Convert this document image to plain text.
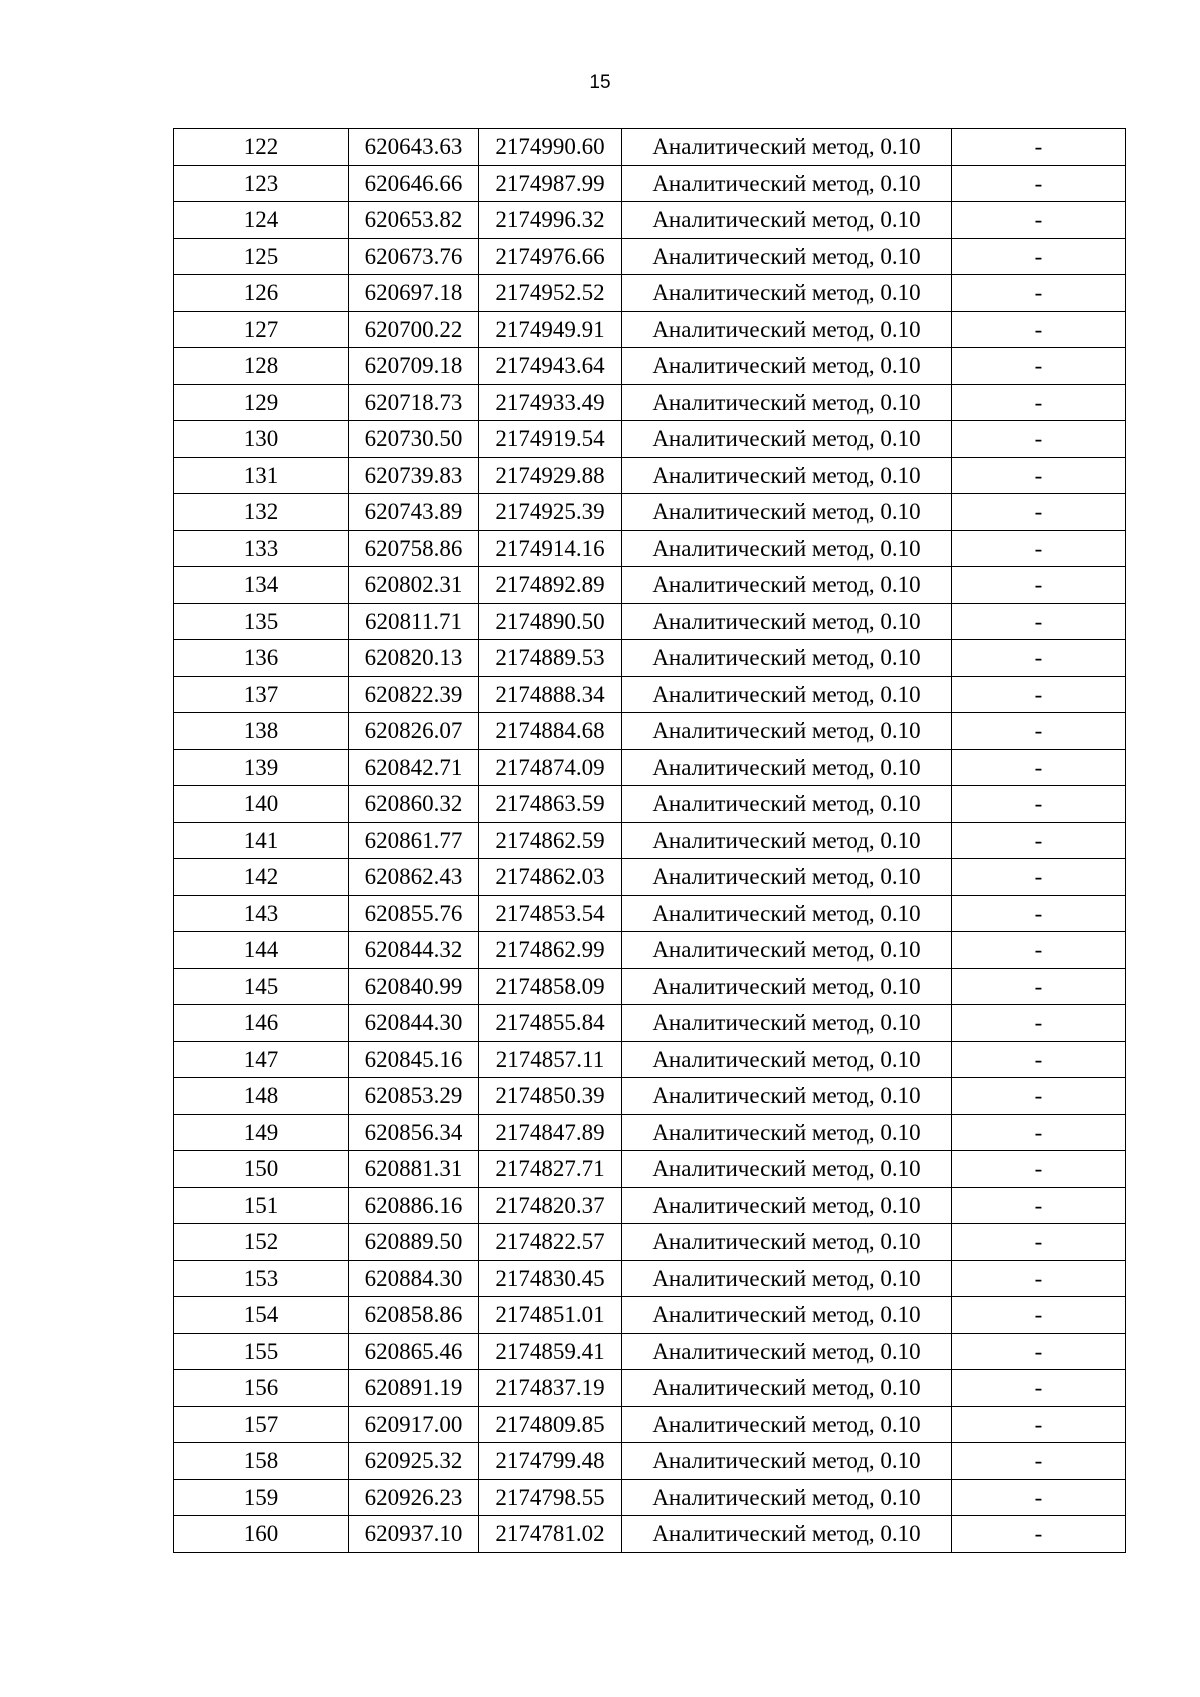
15
122	620643.63	2174990.60	Аналитический метод, 0.10	-
123	620646.66	2174987.99	Аналитический метод, 0.10	-
124	620653.82	2174996.32	Аналитический метод, 0.10	-
125	620673.76	2174976.66	Аналитический метод, 0.10	-
126	620697.18	2174952.52	Аналитический метод, 0.10	-
127	620700.22	2174949.91	Аналитический метод, 0.10	-
128	620709.18	2174943.64	Аналитический метод, 0.10	-
129	620718.73	2174933.49	Аналитический метод, 0.10	-
130	620730.50	2174919.54	Аналитический метод, 0.10	-
131	620739.83	2174929.88	Аналитический метод, 0.10	-
132	620743.89	2174925.39	Аналитический метод, 0.10	-
133	620758.86	2174914.16	Аналитический метод, 0.10	-
134	620802.31	2174892.89	Аналитический метод, 0.10	-
135	620811.71	2174890.50	Аналитический метод, 0.10	-
136	620820.13	2174889.53	Аналитический метод, 0.10	-
137	620822.39	2174888.34	Аналитический метод, 0.10	-
138	620826.07	2174884.68	Аналитический метод, 0.10	-
139	620842.71	2174874.09	Аналитический метод, 0.10	-
140	620860.32	2174863.59	Аналитический метод, 0.10	-
141	620861.77	2174862.59	Аналитический метод, 0.10	-
142	620862.43	2174862.03	Аналитический метод, 0.10	-
143	620855.76	2174853.54	Аналитический метод, 0.10	-
144	620844.32	2174862.99	Аналитический метод, 0.10	-
145	620840.99	2174858.09	Аналитический метод, 0.10	-
146	620844.30	2174855.84	Аналитический метод, 0.10	-
147	620845.16	2174857.11	Аналитический метод, 0.10	-
148	620853.29	2174850.39	Аналитический метод, 0.10	-
149	620856.34	2174847.89	Аналитический метод, 0.10	-
150	620881.31	2174827.71	Аналитический метод, 0.10	-
151	620886.16	2174820.37	Аналитический метод, 0.10	-
152	620889.50	2174822.57	Аналитический метод, 0.10	-
153	620884.30	2174830.45	Аналитический метод, 0.10	-
154	620858.86	2174851.01	Аналитический метод, 0.10	-
155	620865.46	2174859.41	Аналитический метод, 0.10	-
156	620891.19	2174837.19	Аналитический метод, 0.10	-
157	620917.00	2174809.85	Аналитический метод, 0.10	-
158	620925.32	2174799.48	Аналитический метод, 0.10	-
159	620926.23	2174798.55	Аналитический метод, 0.10	-
160	620937.10	2174781.02	Аналитический метод, 0.10	-
